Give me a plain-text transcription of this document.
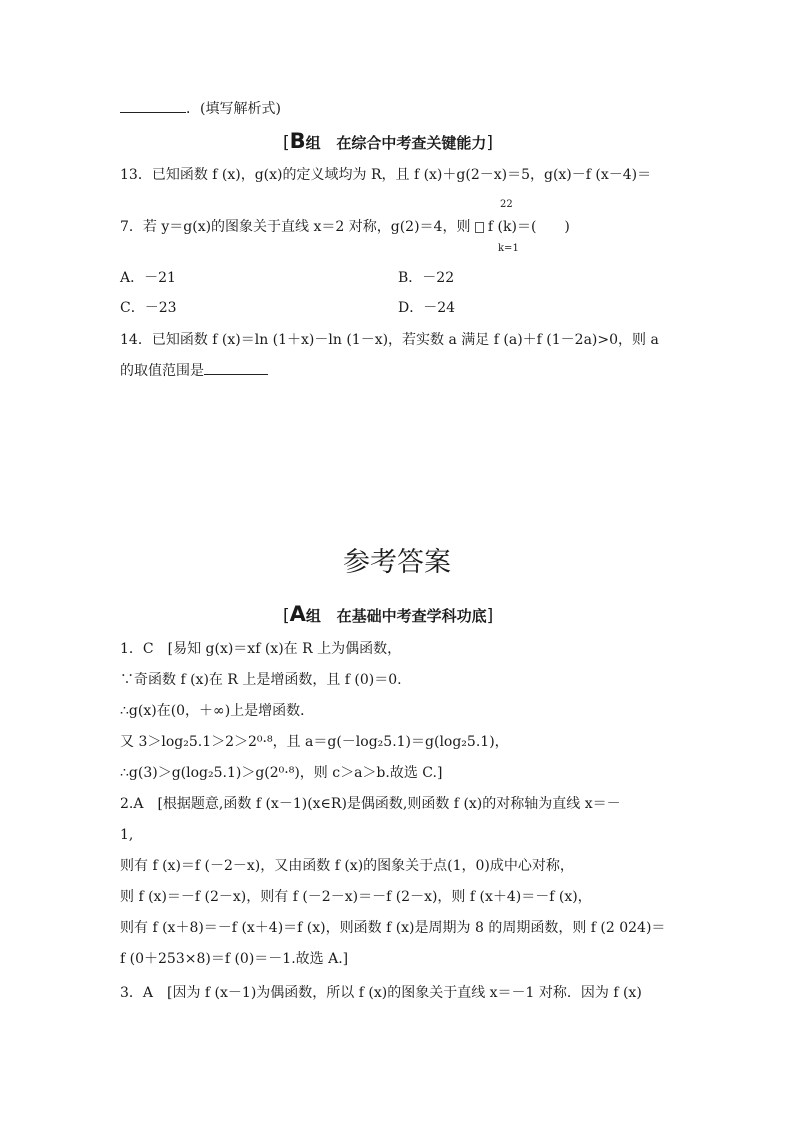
．(填写解析式)
[B组 在综合中考查关键能力]
13．已知函数 f (x)，g(x)的定义域均为 R，且 f (x)＋g(2－x)＝5，g(x)－f (x－4)＝
22
7．若 y＝g(x)的图象关于直线 x＝2 对称，g(2)＝4，则 f (k)＝(　　)
k=1
A．－21	B．－22
C．－23	D．－24
14．已知函数 f (x)＝ln (1＋x)－ln (1－x)，若实数 a 满足 f (a)＋f (1－2a)>0，则 a
的取值范围是
参考答案
[A组 在基础中考查学科功底]
1．C　[易知 g(x)＝xf (x)在 R 上为偶函数，
∵奇函数 f (x)在 R 上是增函数，且 f (0)＝0.
∴g(x)在(0，＋∞)上是增函数．
又 3＞log₂5.1＞2＞2⁰·⁸，且 a＝g(－log₂5.1)＝g(log₂5.1)，
∴g(3)＞g(log₂5.1)＞g(2⁰·⁸)，则 c＞a＞b.故选 C.]
2.A　[根据题意,函数 f (x－1)(x∈R)是偶函数,则函数 f (x)的对称轴为直线 x＝－
1,
则有 f (x)＝f (－2－x)，又由函数 f (x)的图象关于点(1，0)成中心对称，
则 f (x)＝－f (2－x)，则有 f (－2－x)＝－f (2－x)，则 f (x＋4)＝－f (x)，
则有 f (x＋8)＝－f (x＋4)＝f (x)，则函数 f (x)是周期为 8 的周期函数，则 f (2 024)＝
f (0＋253×8)＝f (0)＝－1.故选 A.]
3．A　[因为 f (x－1)为偶函数，所以 f (x)的图象关于直线 x＝－1 对称．因为 f (x)
